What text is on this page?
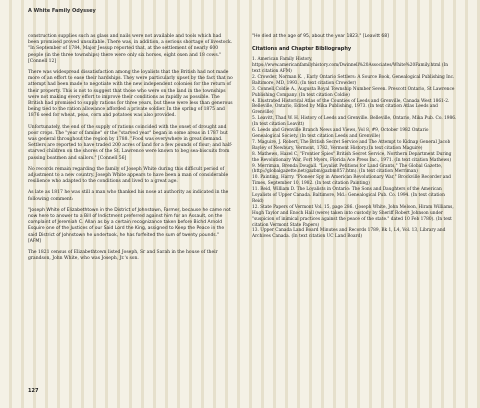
A White Family Odyssey

construction supplies such as glass and nails were not available and tools which had been promised proved unsuitable. There was, in addition, a serious shortage of livestock. "In September of 1784, Major Jessup reported that, at the settlement of nearly 600 people (in the three townships) there were only six horses, eight oxen and 18 cows." [Connell 12]

There was widespread dissatisfaction among the loyalists that the British had not made more of an effort to ease their hardships. They were particularly upset by the fact that no attempt had been made to negotiate with the new independent colonies for the return of their property. This is not to suggest that those who were on the land in the townships were not making every effort to improve their conditions as rapidly as possible. The British had promised to supply rations for three years, but these were less than generous being tied to the ration allowance afforded a private soldier. In the spring of 1875 and 1876 seed for wheat, peas, corn and potatoes was also provided.

Unfortunately, the end of the supply of rations coincided with the onset of drought and poor crops. The "year of famine" or the "starved year" began in some areas in 1787 but was general throughout the region by 1788. "Food was everywhere in great demand. Settlers are reported to have traded 200 acres of land for a few pounds of flour; and half-starved children on the shores of the St. Lawrence were known to beg sea-biscuits from passing boatmen and sailors." [Connell 56]

No records remain regarding the family of Joseph White during this difficult period of adjustment to a new country. Joseph White appears to have been a man of considerable resilience who adapted to the conditions and lived to a great age.

As late as 1817 he was still a man who thanked his nose at authority as indicated in the following comment:

"Joseph White of Elizabethtown in the District of Johnstown, Farmer, because he came not now here to answer to a Bill of Indictment preferred against him for an Assault, on the complaint of Jeremiah C. Allan as by a certain recognizance taken before Bichd Arnold Esquire one of the Justices of our Said Lord the King, assigned to Keep the Peace in the said District of Johnstown he undertook, he has forfeited the sum of twenty pounds." [AFM]

The 1821 census of Elizabethtown listed Joseph, Sr and Sarah in the house of their grandson, John White, who was Joseph, Jr.'s son.

"He died at the age of 95, about the year 1823." [Leavitt 68]

Citations and Chapter Bibliography
1. American Family History, https://www.americanfamilyhistory.com/Dwinnell%20Associates/White%20Family.html (In text citation AFM)
2. Crowder, Norman K. , Early Ontario Settlers: A Source Book, Genealogical Publishing Inc. Baltimore, MD, 1993. (In text citation Crowder)
3. Connell,Coldie A., Augusta Royal Township Number Seven. Prescott Ontario, St Lawrence Publishing Company. (In text citation Coldie)
4. Illustrated Historical Atlas of the Counties of Leeds and Grenville, Canada West 1861-2. Belleville, Ontario, Edited by Mika Publishing, 1973. (In text citation Atlas Leeds and Grenville)
5. Leavitt, Thad W. H. History of Leeds and Grenville. Belleville, Ontario, Mika Pub. Co. 1986. (In text citation Leavitt)
6. Leeds and Grenville Branch News and Views, Vol 8, #9, October 1982 Ontario Genealogical Society. (In text citation Leeds and Grenville)
7. Maguire, J. Robert, The British Secret Service and The Attempt to Kidnap General Jacob Bayley of Newbury, Vermont, 1782, Vermont History.(In text citation Maguire)
8. Mathews, Hazel C, "Frontier Spies" British Secret Service, Northern Department During the Revolutionary War, Fort Myers, Florida Ace Press Inc., 1971. (In text citation Mathews)
9. Merriman, Brenda Dougall. "Loyalist Petitions for Land Grants," The Global Gazette, (http://globalgazette.net/gazbm/gazbm057.htm). (In text citation Merriman)
10. Painting, Harry. "Pioneer Spy in American Revolutionary War," Brockville Recorder and Times, September 10, 1982. (In text citation Painting)
11. Reid, William D. The Loyalists in Ontario: The Sons and Daughters of the American Loyalists of Upper Canada. Baltimore, Md.: Genealogical Pub. Co. 1994. (In text citation Reid)
12. State Papers of Vermont Vol. 15, page 286. (Joseph White, John Meloon, Hiram Williams, Hugh Taylor and Enoch Hall (were) taken into custody by Sheriff Robert Johnson under "suspicion of inimical practices against the peace of the state." dated 10 Feb 1780). (In text citation Vermont State Papers)
13. Upper Canada Land Board Minutes and Records 1789, Bk 1, L4, Vol. 13, Library and Archives Canada. (In text citation UC Land Board)
127
